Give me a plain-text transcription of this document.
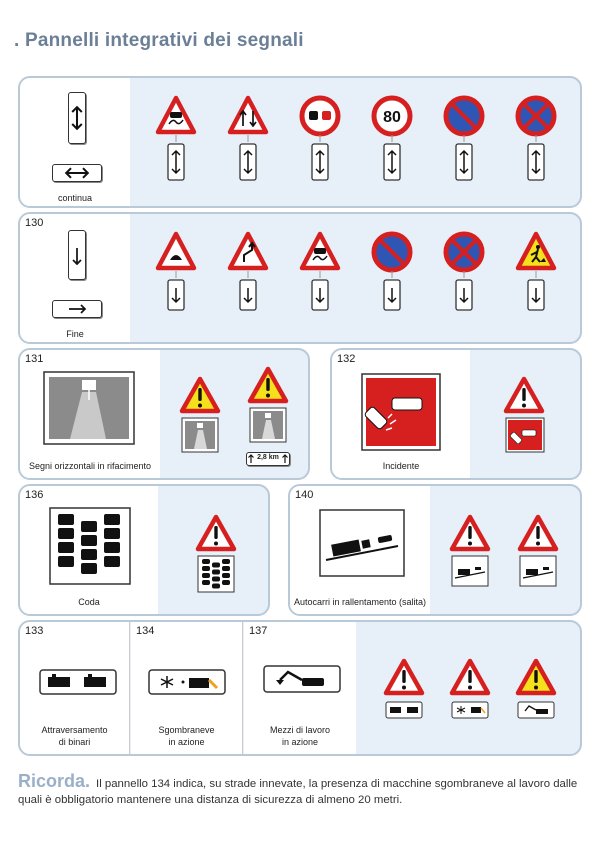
. Pannelli integrativi dei segnali
continua
80
130
Fine
131
Segni orizzontali in rifacimento
2,8 km
132
Incidente
136
Coda
140
Autocarri in rallentamento (salita)
133
Attraversamento
di binari
134
Sgombraneve
in azione
137
Mezzi di lavoro
in azione
Ricorda. Il pannello 134 indica, su strade innevate, la presenza di macchine sgombraneve al lavoro dalle quali è obbligatorio mantenere una distanza di sicurezza di almeno 20 metri.
